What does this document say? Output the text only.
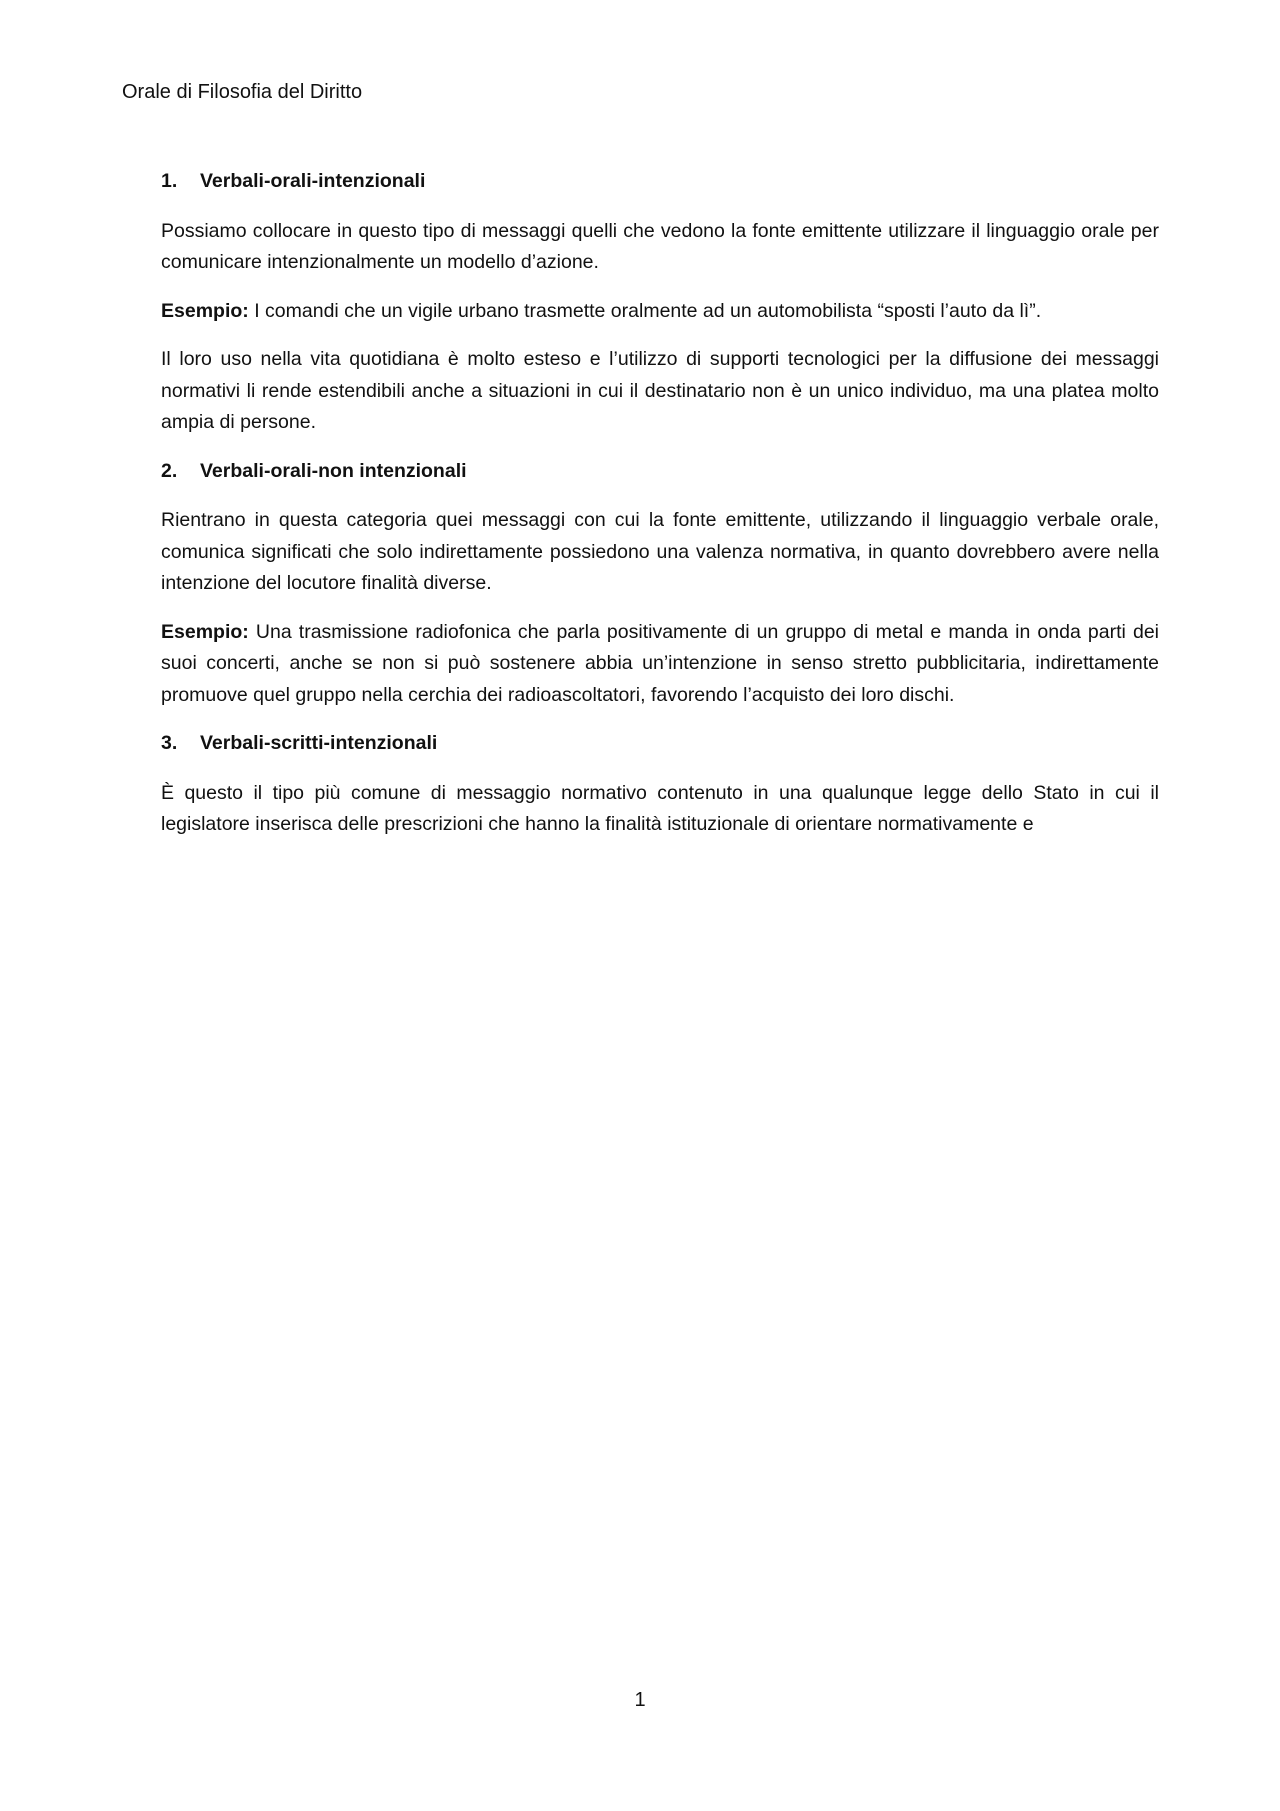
Orale di Filosofia del Diritto
1.	Verbali-orali-intenzionali

Possiamo collocare in questo tipo di messaggi quelli che vedono la fonte emittente utilizzare il linguaggio orale per comunicare intenzionalmente un modello d’azione.

Esempio: I comandi che un vigile urbano trasmette oralmente ad un automobilista “sposti l’auto da lì”.

Il loro uso nella vita quotidiana è molto esteso e l’utilizzo di supporti tecnologici per la diffusione dei messaggi normativi li rende estendibili anche a situazioni in cui il destinatario non è un unico individuo, ma una platea molto ampia di persone.

2.	Verbali-orali-non intenzionali

Rientrano in questa categoria quei messaggi con cui la fonte emittente, utilizzando il linguaggio verbale orale, comunica significati che solo indirettamente possiedono una valenza normativa, in quanto dovrebbero avere nella intenzione del locutore finalità diverse.

Esempio: Una trasmissione radiofonica che parla positivamente di un gruppo di metal e manda in onda parti dei suoi concerti, anche se non si può sostenere abbia un’intenzione in senso stretto pubblicitaria, indirettamente promuove quel gruppo nella cerchia dei radioascoltatori, favorendo l’acquisto dei loro dischi.

3.	Verbali-scritti-intenzionali

È questo il tipo più comune di messaggio normativo contenuto in una qualunque legge dello Stato in cui il legislatore inserisca delle prescrizioni che hanno la finalità istituzionale di orientare normativamente e

1
